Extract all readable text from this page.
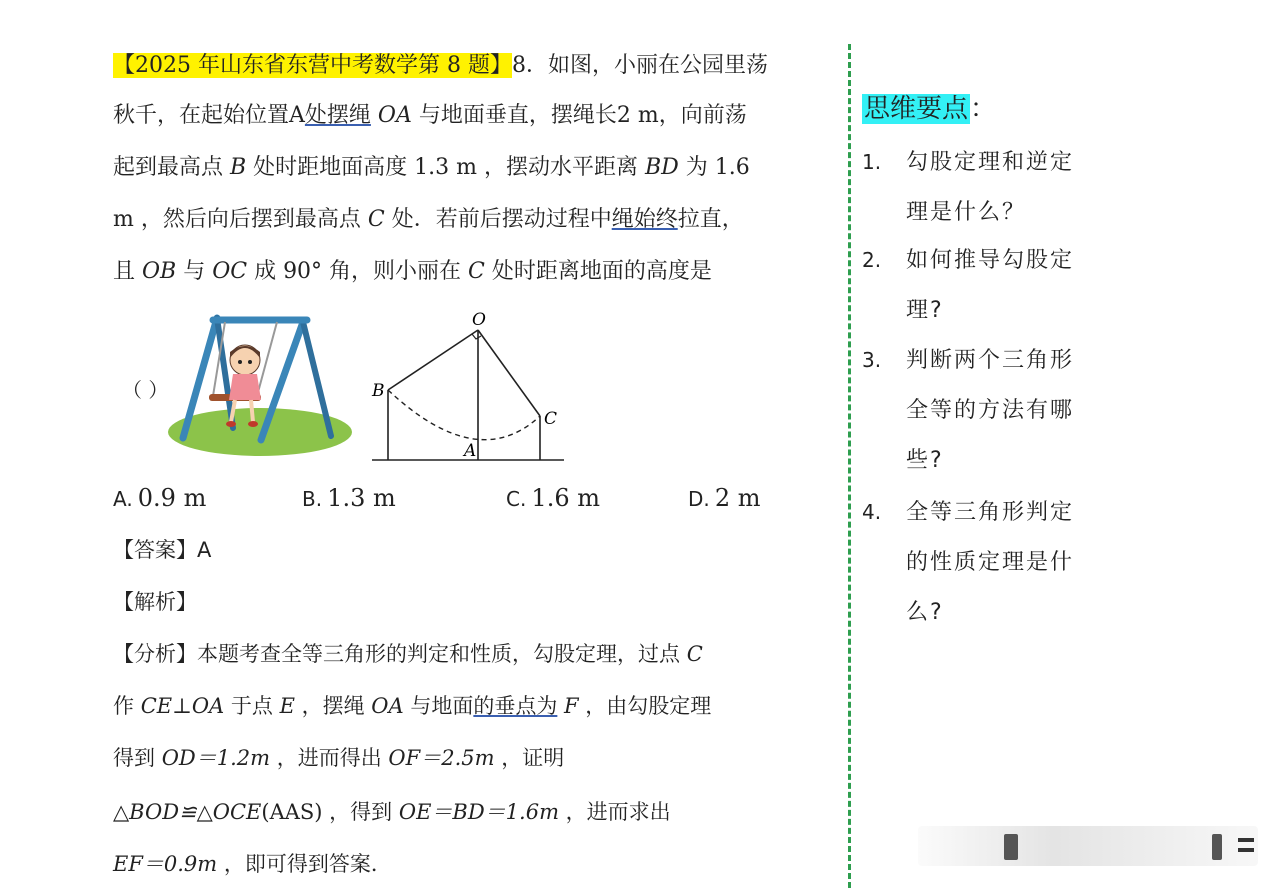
【2025 年山东省东营中考数学第 8 题】8．如图，小丽在公园里荡
秋千，在起始位置A处摆绳 OA 与地面垂直，摆绳长2 m，向前荡
起到最高点 B 处时距地面高度 1.3 m ，摆动水平距离 BD 为 1.6
m ，然后向后摆到最高点 C 处．若前后摆动过程中绳始终拉直，
且 OB 与 OC 成 90° 角，则小丽在 C 处时距离地面的高度是
（ ）
O
B
C
A
A. 0.9 m	B. 1.3 m	C. 1.6 m	D. 2 m
【答案】A
【解析】
【分析】本题考查全等三角形的判定和性质，勾股定理，过点 C
作 CE⊥OA 于点 E ，摆绳 OA 与地面的垂点为 F ，由勾股定理
得到 OD＝1.2m ，进而得出 OF＝2.5m ，证明
△BOD≌△OCE(AAS) ，得到 OE＝BD＝1.6m ，进而求出
EF＝0.9m ，即可得到答案．
思维要点：
1. 勾股定理和逆定
理是什么？
2. 如何推导勾股定
理?
3. 判断两个三角形
全等的方法有哪
些?
4. 全等三角形判定
的性质定理是什
么?
